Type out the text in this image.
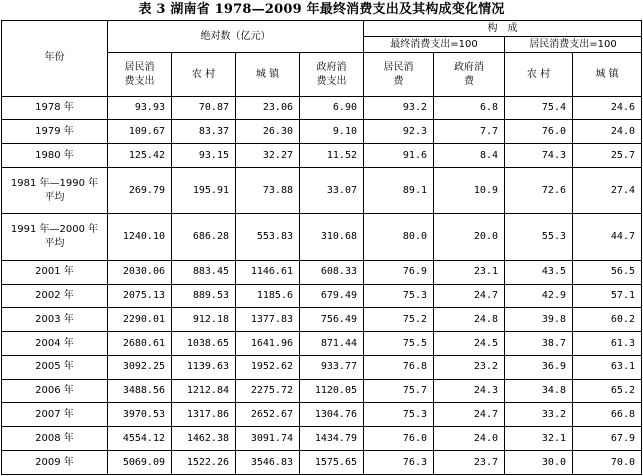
表 3 湖南省 1978—2009 年最终消费支出及其构成变化情况
年份	绝对数（亿元）				构　成			
					最终消费支出=100		居民消费支出=100	
	居民消费支出	农 村	城 镇	政府消费支出	居民消费	政府消费	农 村	城 镇
1978 年	93.93	70.87	23.06	6.90	93.2	6.8	75.4	24.6
1979 年	109.67	83.37	26.30	9.10	92.3	7.7	76.0	24.0
1980 年	125.42	93.15	32.27	11.52	91.6	8.4	74.3	25.7
1981 年—1990 年平均	269.79	195.91	73.88	33.07	89.1	10.9	72.6	27.4
1991 年—2000 年平均	1240.10	686.28	553.83	310.68	80.0	20.0	55.3	44.7
2001 年	2030.06	883.45	1146.61	608.33	76.9	23.1	43.5	56.5
2002 年	2075.13	889.53	1185.6	679.49	75.3	24.7	42.9	57.1
2003 年	2290.01	912.18	1377.83	756.49	75.2	24.8	39.8	60.2
2004 年	2680.61	1038.65	1641.96	871.44	75.5	24.5	38.7	61.3
2005 年	3092.25	1139.63	1952.62	933.77	76.8	23.2	36.9	63.1
2006 年	3488.56	1212.84	2275.72	1120.05	75.7	24.3	34.8	65.2
2007 年	3970.53	1317.86	2652.67	1304.76	75.3	24.7	33.2	66.8
2008 年	4554.12	1462.38	3091.74	1434.79	76.0	24.0	32.1	67.9
2009 年	5069.09	1522.26	3546.83	1575.65	76.3	23.7	30.0	70.0
